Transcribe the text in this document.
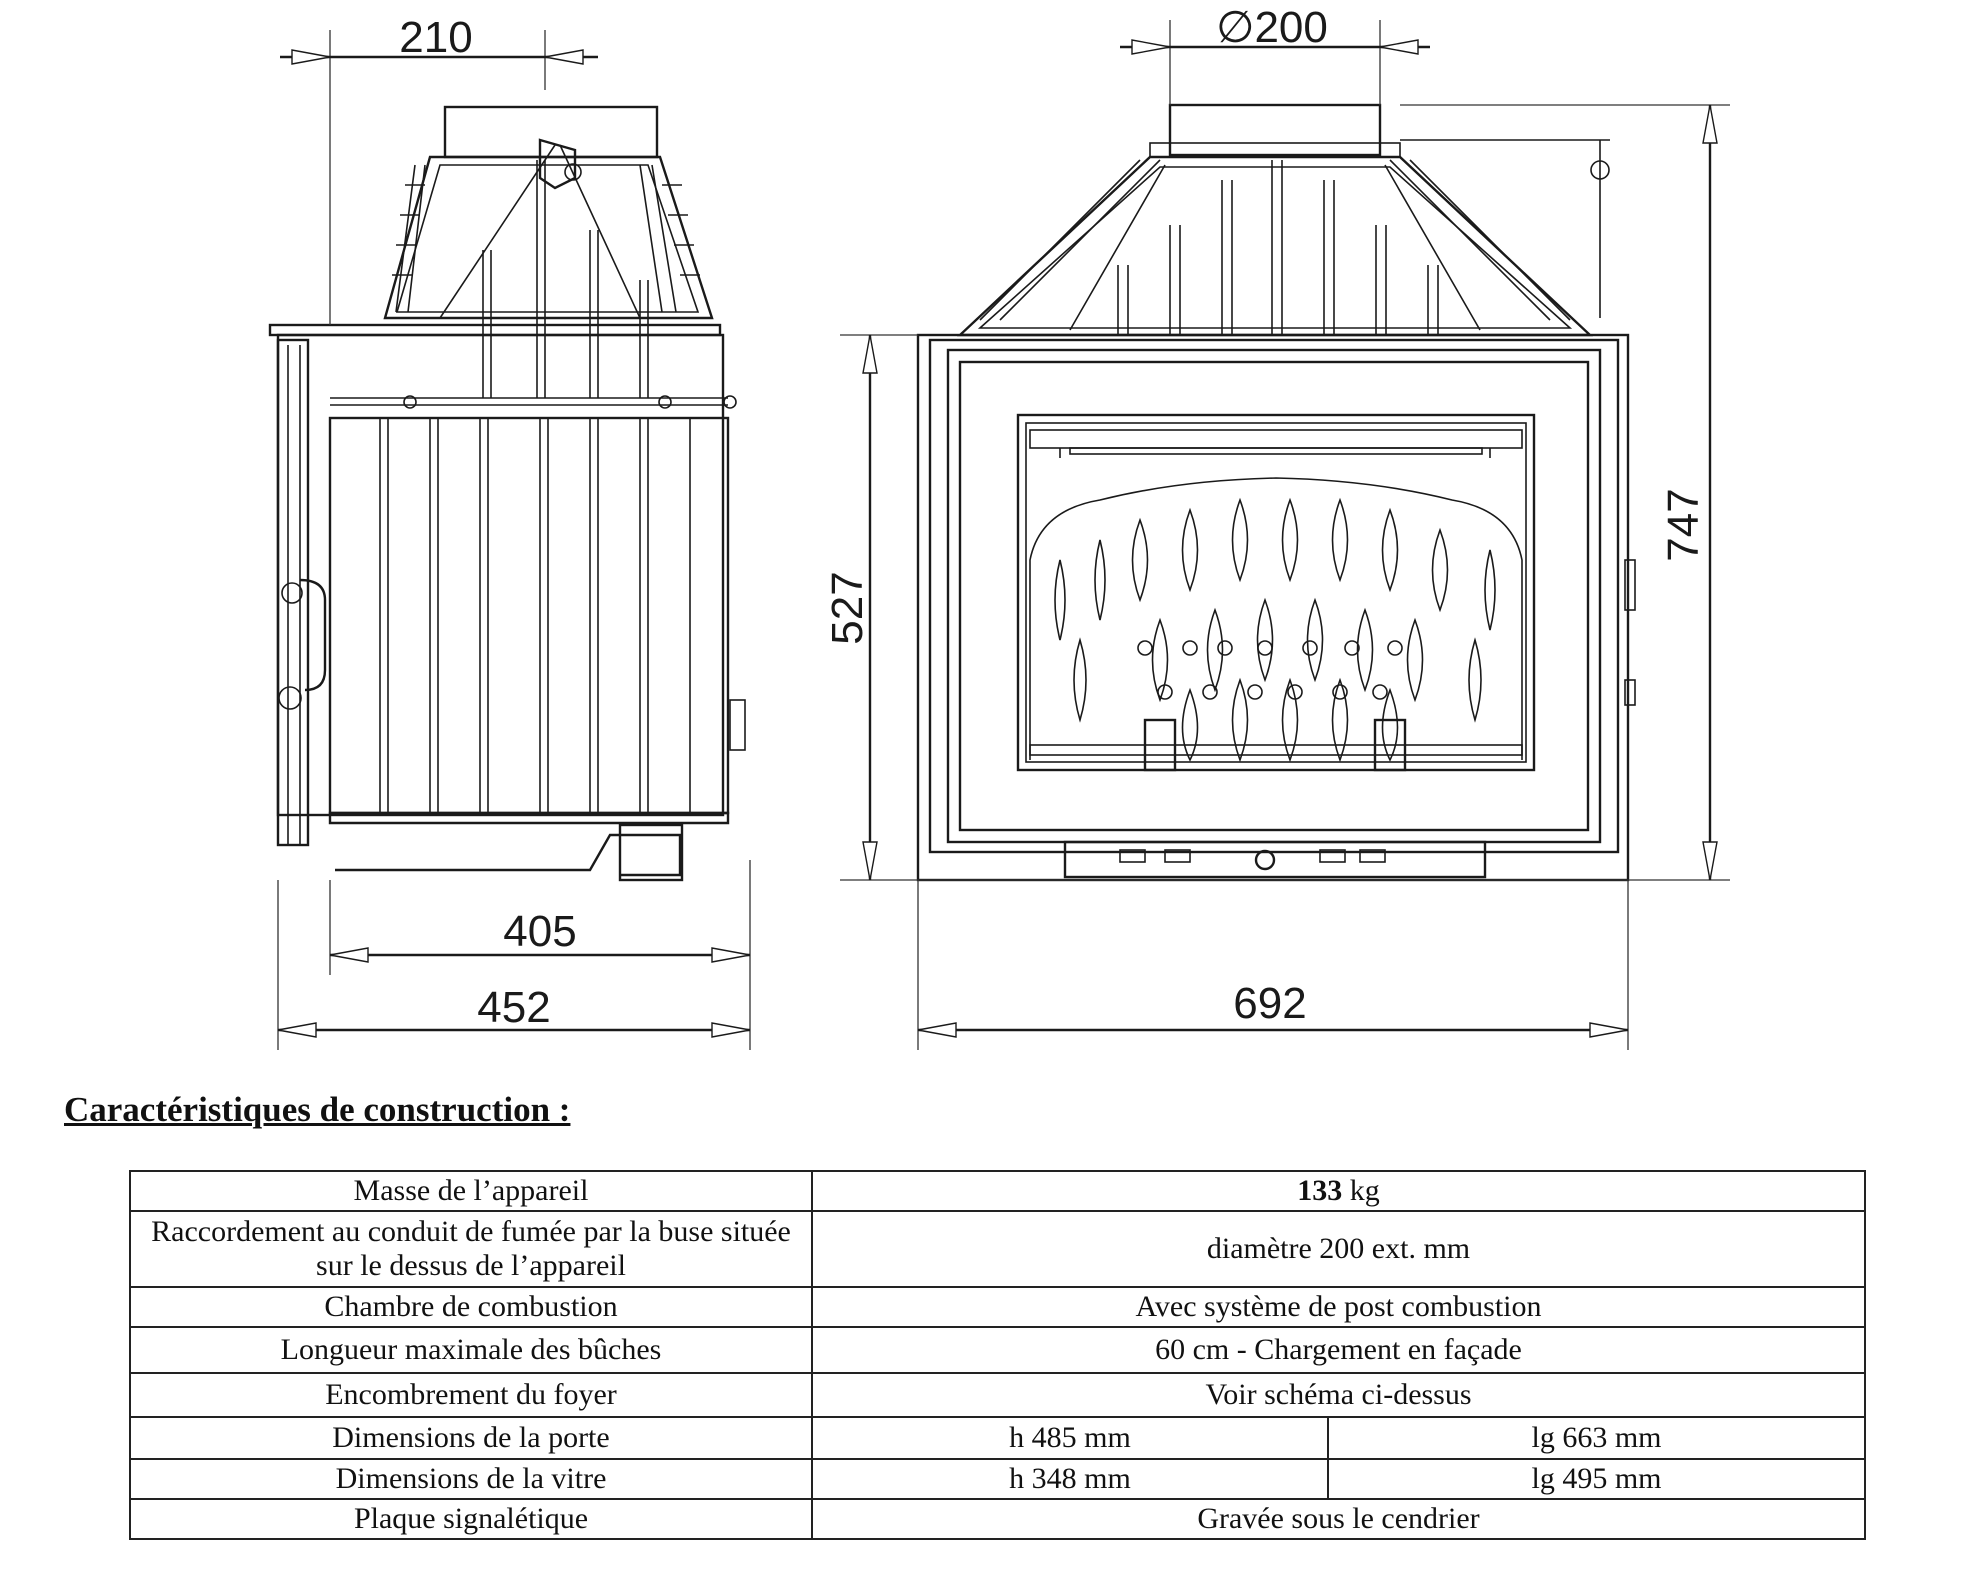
210
405
452
∅200
527
747
692
Caractéristiques de construction :
Masse de l’appareil	133 kg	
Raccordement au conduit de fumée par la buse située sur le dessus de l’appareil	diamètre 200 ext. mm	
Chambre de combustion	Avec système de post combustion	
Longueur maximale des bûches	60 cm - Chargement en façade	
Encombrement du foyer	Voir schéma ci-dessus	
Dimensions de la porte	h 485 mm	lg 663 mm
Dimensions de la vitre	h 348 mm	lg 495 mm
Plaque signalétique	Gravée sous le cendrier	
